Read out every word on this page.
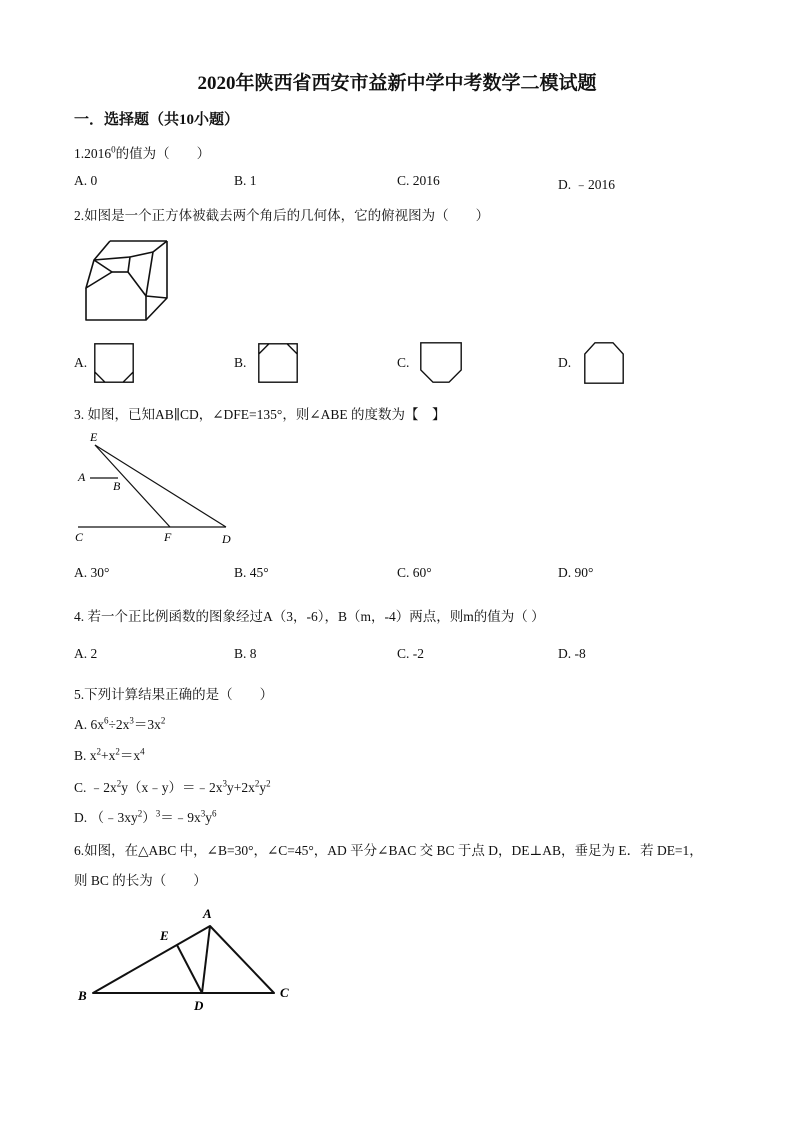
2020年陕西省西安市益新中学中考数学二模试题
一．选择题（共10小题）
1.2016$^0$的值为（　　）
A. 0	B. 1	C. 2016	D. ﹣2016
2.如图是一个正方体被截去两个角后的几何体，它的俯视图为（　　）
A.	B.	C.	D.
3. 如图，已知AB∥CD，∠DFE=135°，则∠ABE 的度数为【　】
E
A
B
C	F	D
A. 30°	B. 45°	C. 60°	D. 90°
4. 若一个正比例函数的图象经过A（3，-6），B（m，-4）两点，则m的值为（ ）
A. 2	B. 8	C. -2	D. -8
5.下列计算结果正确的是（　　）
A. $6x^6\div 2x^3=3x^2$
B. $x^2+x^2=x^4$
C. $﹣2x^2y(x﹣y)=﹣2x^3y+2x^2y^2$
D. $(﹣3xy^2)^3=﹣9x^3y^6$
6.如图，在△ABC 中，∠B=30°，∠C=45°，AD 平分∠BAC 交 BC 于点 D，DE⊥AB，垂足为 E．若 DE=1，
则 BC 的长为（　　）
A
E
B
D
C
